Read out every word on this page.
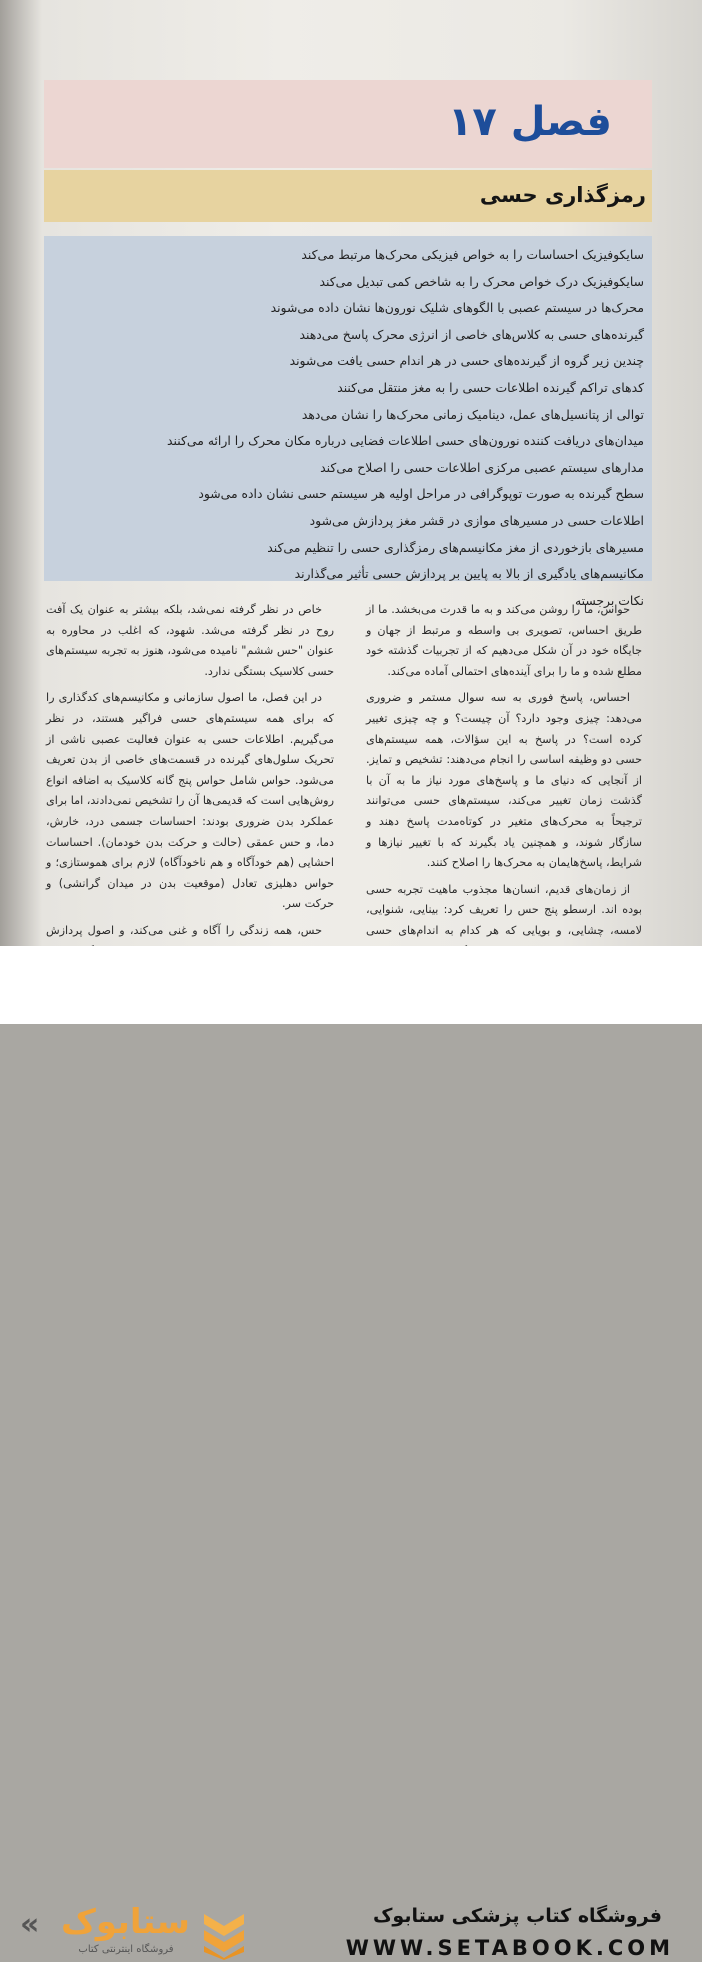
فصل ۱۷
رمزگذاری حسی
سایکوفیزیک احساسات را به خواص فیزیکی محرک‌ها مرتبط می‌کند
سایکوفیزیک درک خواص محرک را به شاخص کمی تبدیل می‌کند
محرک‌ها در سیستم عصبی با الگوهای شلیک نورون‌ها نشان داده می‌شوند
گیرنده‌های حسی به کلاس‌های خاصی از انرژی محرک پاسخ می‌دهند
چندین زیر گروه از گیرنده‌های حسی در هر اندام حسی یافت می‌شوند
کدهای تراکم گیرنده اطلاعات حسی را به مغز منتقل می‌کنند
توالی از پتانسیل‌های عمل، دینامیک زمانی محرک‌ها را نشان می‌دهد
میدان‌های دریافت کننده نورون‌های حسی اطلاعات فضایی درباره مکان محرک را ارائه می‌کنند
مدارهای سیستم عصبی مرکزی اطلاعات حسی را اصلاح می‌کند
سطح گیرنده به صورت توپوگرافی در مراحل اولیه هر سیستم حسی نشان داده می‌شود
اطلاعات حسی در مسیرهای موازی در قشر مغز پردازش می‌شود
مسیرهای بازخوردی از مغز مکانیسم‌های رمزگذاری حسی را تنظیم می‌کند
مکانیسم‌های یادگیری از بالا به پایین بر پردازش حسی تأثیر می‌گذارند
نکات برجسته

حواس، ما را روشن می‌کند و به ما قدرت می‌بخشد. ما از طریق احساس، تصویری بی واسطه و مرتبط از جهان و جایگاه خود در آن شکل می‌دهیم که از تجربیات گذشته خود مطلع شده و ما را برای آینده‌های احتمالی آماده می‌کند.

احساس، پاسخ فوری به سه سوال مستمر و ضروری می‌دهد: چیزی وجود دارد؟ آن چیست؟ و چه چیزی تغییر کرده است؟ در پاسخ به این سؤالات، همه سیستم‌های حسی دو وظیفه اساسی را انجام می‌دهند: تشخیص و تمایز. از آنجایی که دنیای ما و پاسخ‌های مورد نیاز ما به آن با گذشت زمان تغییر می‌کند، سیستم‌های حسی می‌توانند ترجیحاً به محرک‌های متغیر در کوتاه‌مدت پاسخ دهند و سازگار شوند، و همچنین یاد بگیرند که با تغییر نیازها و شرایط، پاسخ‌هایمان به محرک‌ها را اصلاح کنند.

از زمان‌های قدیم، انسان‌ها مجذوب ماهیت تجربه حسی بوده اند. ارسطو پنج حس را تعریف کرد: بینایی، شنوایی، لامسه، چشایی، و بویایی که هر کدام به اندام‌های حسی

خاص در نظر گرفته نمی‌شد، بلکه بیشتر به عنوان یک آفت روح در نظر گرفته می‌شد. شهود، که اغلب در محاوره به عنوان "حس ششم" نامیده می‌شود، هنوز به تجربه سیستم‌های حسی کلاسیک بستگی ندارد.

در این فصل، ما اصول سازمانی و مکانیسم‌های کدگذاری را که برای همه سیستم‌های حسی فراگیر هستند، در نظر می‌گیریم. اطلاعات حسی به عنوان فعالیت عصبی ناشی از تحریک سلول‌های گیرنده در قسمت‌های خاصی از بدن تعریف می‌شود. حواس شامل حواس پنج گانه کلاسیک به اضافه انواع روش‌هایی است که قدیمی‌ها آن را تشخیص نمی‌دادند، اما برای عملکرد بدن ضروری بودند: احساسات جسمی درد، خارش، دما، و حس عمقی (حالت و حرکت بدن خودمان). احساسات احشایی (هم خودآگاه و هم ناخودآگاه) لازم برای هموستازی؛ و حواس دهلیزی تعادل (موقعیت بدن در میدان گرانشی) و حرکت سر.

حس، همه زندگی را آگاه و غنی می‌کند، و اصول پردازش

« ستابوک
فروشگاه اینترنتی کتاب
فروشگاه کتاب پزشکی ستابوک
WWW.SETABOOK.COM
